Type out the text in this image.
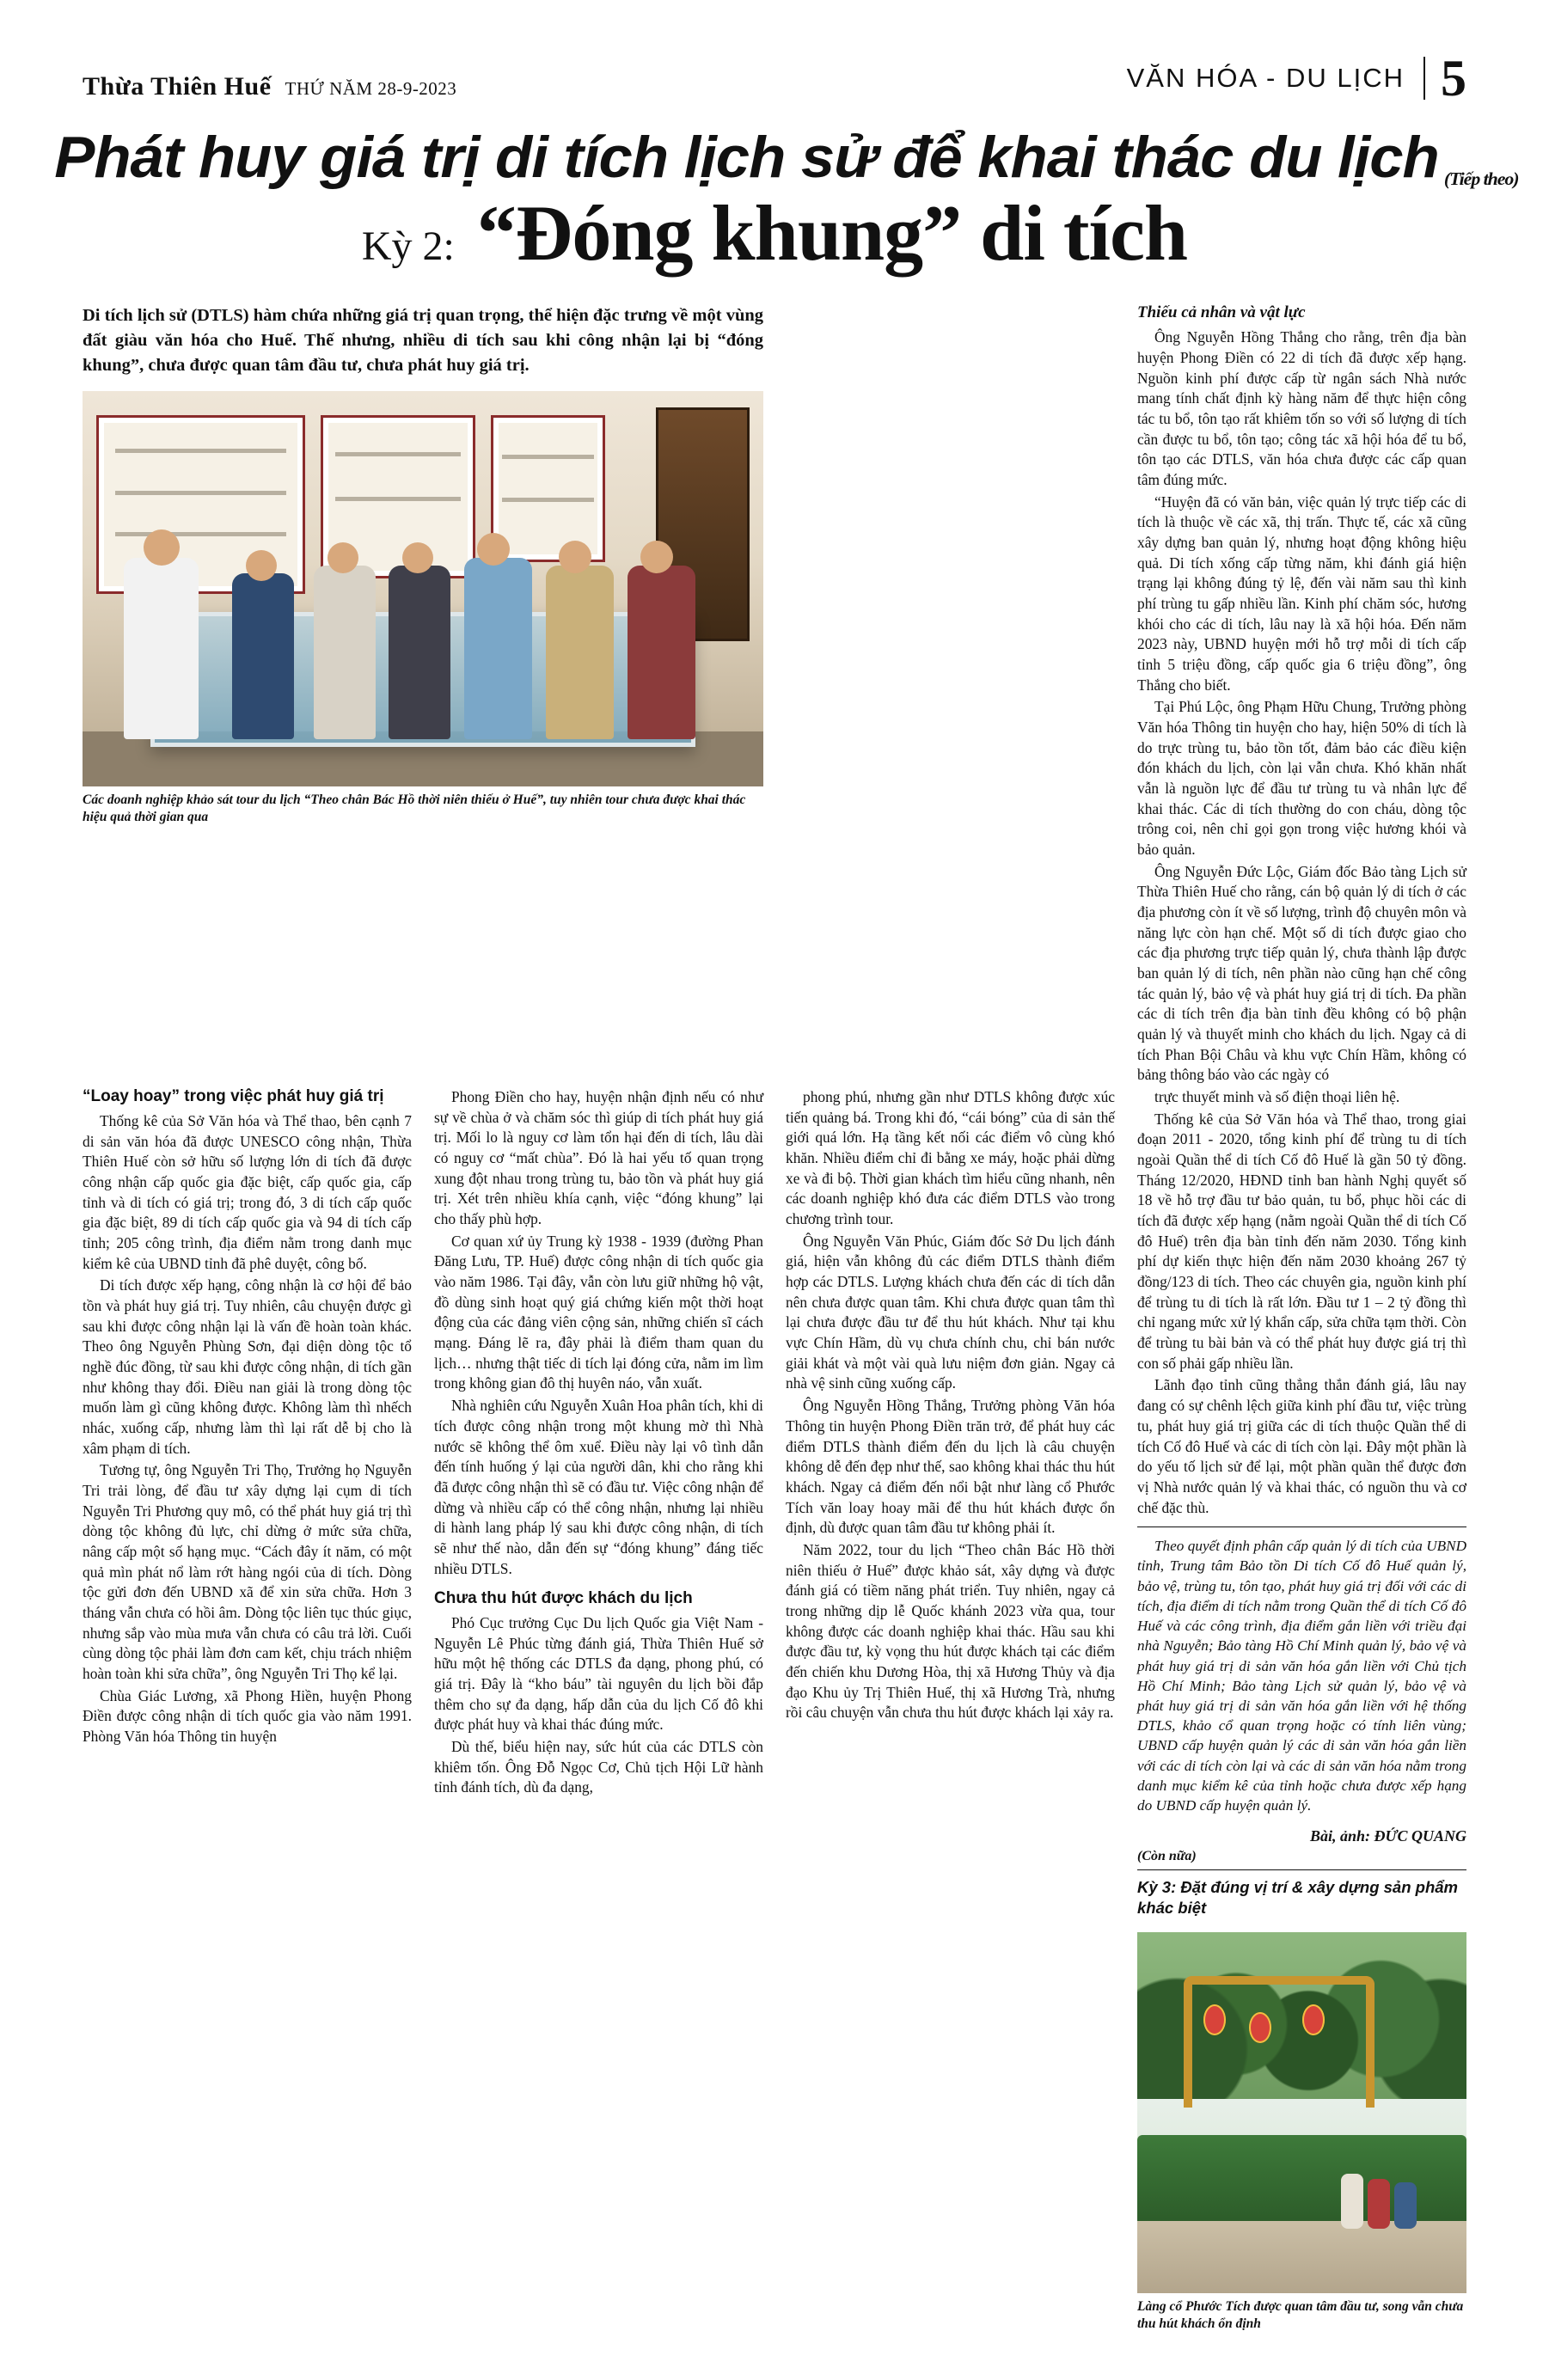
Thừa Thiên Huế THỨ NĂM 28-9-2023	VĂN HÓA - DU LỊCH 5
Phát huy giá trị di tích lịch sử để khai thác du lịch (Tiếp theo)
Kỳ 2: “Đóng khung” di tích

Di tích lịch sử (DTLS) hàm chứa những giá trị quan trọng, thể hiện đặc trưng về một vùng đất giàu văn hóa cho Huế. Thế nhưng, nhiều di tích sau khi công nhận lại bị “đóng khung”, chưa được quan tâm đầu tư, chưa phát huy giá trị.

Các doanh nghiệp khảo sát tour du lịch “Theo chân Bác Hồ thời niên thiếu ở Huế”, tuy nhiên tour chưa được khai thác hiệu quả thời gian qua
Thiếu cả nhân và vật lực

Ông Nguyễn Hồng Thắng cho rằng, trên địa bàn huyện Phong Điền có 22 di tích đã được xếp hạng. Nguồn kinh phí được cấp từ ngân sách Nhà nước mang tính chất định kỳ hàng năm để thực hiện công tác tu bổ, tôn tạo rất khiêm tốn so với số lượng di tích cần được tu bổ, tôn tạo; công tác xã hội hóa để tu bổ, tôn tạo các DTLS, văn hóa chưa được các cấp quan tâm đúng mức.

“Huyện đã có văn bản, việc quản lý trực tiếp các di tích là thuộc về các xã, thị trấn. Thực tế, các xã cũng xây dựng ban quản lý, nhưng hoạt động không hiệu quả. Di tích xống cấp từng năm, khi đánh giá hiện trạng lại không đúng tỷ lệ, đến vài năm sau thì kinh phí trùng tu gấp nhiều lần. Kinh phí chăm sóc, hương khói cho các di tích, lâu nay là xã hội hóa. Đến năm 2023 này, UBND huyện mới hỗ trợ mỗi di tích cấp tỉnh 5 triệu đồng, cấp quốc gia 6 triệu đồng”, ông Thắng cho biết.

Tại Phú Lộc, ông Phạm Hữu Chung, Trưởng phòng Văn hóa Thông tin huyện cho hay, hiện 50% di tích là do trực trùng tu, bảo tồn tốt, đảm bảo các điều kiện đón khách du lịch, còn lại vẫn chưa. Khó khăn nhất vẫn là nguồn lực để đầu tư trùng tu và nhân lực để khai thác. Các di tích thường do con cháu, dòng tộc trông coi, nên chỉ gọi gọn trong việc hương khói và bảo quản.

Ông Nguyễn Đức Lộc, Giám đốc Bảo tàng Lịch sử Thừa Thiên Huế cho rằng, cán bộ quản lý di tích ở các địa phương còn ít về số lượng, trình độ chuyên môn và năng lực còn hạn chế. Một số di tích được giao cho các địa phương trực tiếp quản lý, chưa thành lập được ban quản lý di tích, nên phần nào cũng hạn chế công tác quản lý, bảo vệ và phát huy giá trị di tích. Đa phần các di tích trên địa bàn tỉnh đều không có bộ phận quản lý và thuyết minh cho khách du lịch. Ngay cả di tích Phan Bội Châu và khu vực Chín Hầm, không có bảng thông báo vào các ngày có

“Loay hoay” trong việc phát huy giá trị

Thống kê của Sở Văn hóa và Thể thao, bên cạnh 7 di sản văn hóa đã được UNESCO công nhận, Thừa Thiên Huế còn sở hữu số lượng lớn di tích đã được công nhận cấp quốc gia đặc biệt, cấp quốc gia, cấp tỉnh và di tích có giá trị; trong đó, 3 di tích cấp quốc gia đặc biệt, 89 di tích cấp quốc gia và 94 di tích cấp tỉnh; 205 công trình, địa điểm nằm trong danh mục kiểm kê của UBND tỉnh đã phê duyệt, công bố.

Di tích được xếp hạng, công nhận là cơ hội để bảo tồn và phát huy giá trị. Tuy nhiên, câu chuyện được gì sau khi được công nhận lại là vấn đề hoàn toàn khác. Theo ông Nguyễn Phùng Sơn, đại diện dòng tộc tổ nghề đúc đồng, từ sau khi được công nhận, di tích gần như không thay đổi. Điều nan giải là trong dòng tộc muốn làm gì cũng không được. Không làm thì nhếch nhác, xuống cấp, nhưng làm thì lại rất dễ bị cho là xâm phạm di tích.

Tương tự, ông Nguyễn Tri Thọ, Trưởng họ Nguyễn Tri trải lòng, để đầu tư xây dựng lại cụm di tích Nguyễn Tri Phương quy mô, có thể phát huy giá trị thì dòng tộc không đủ lực, chỉ dừng ở mức sửa chữa, nâng cấp một số hạng mục. “Cách đây ít năm, có một quả mìn phát nổ làm rớt hàng ngói của di tích. Dòng tộc gửi đơn đến UBND xã để xin sửa chữa. Hơn 3 tháng vẫn chưa có hồi âm. Dòng tộc liên tục thúc giục, nhưng sắp vào mùa mưa vẫn chưa có câu trả lời. Cuối cùng dòng tộc phải làm đơn cam kết, chịu trách nhiệm hoàn toàn khi sửa chữa”, ông Nguyễn Tri Thọ kể lại.

Chùa Giác Lương, xã Phong Hiền, huyện Phong Điền được công nhận di tích quốc gia vào năm 1991. Phòng Văn hóa Thông tin huyện

Phong Điền cho hay, huyện nhận định nếu có như sự về chùa ở và chăm sóc thì giúp di tích phát huy giá trị. Mối lo là nguy cơ làm tổn hại đến di tích, lâu dài có nguy cơ “mất chùa”. Đó là hai yếu tố quan trọng xung đột nhau trong trùng tu, bảo tồn và phát huy giá trị. Xét trên nhiều khía cạnh, việc “đóng khung” lại cho thấy phù hợp.

Cơ quan xứ ủy Trung kỳ 1938 - 1939 (đường Phan Đăng Lưu, TP. Huế) được công nhận di tích quốc gia vào năm 1986. Tại đây, vẫn còn lưu giữ những hộ vật, đồ dùng sinh hoạt quý giá chứng kiến một thời hoạt động của các đảng viên cộng sản, những chiến sĩ cách mạng. Đáng lẽ ra, đây phải là điểm tham quan du lịch… nhưng thật tiếc di tích lại đóng cửa, nằm im lìm trong không gian đô thị huyên náo, vẫn xuất.

Nhà nghiên cứu Nguyễn Xuân Hoa phân tích, khi di tích được công nhận trong một khung mờ thì Nhà nước sẽ không thể ôm xuể. Điều này lại vô tình dẫn đến tính huống ý lại của người dân, khi cho rằng khi đã được công nhận thì sẽ có đầu tư. Việc công nhận để dừng và nhiều cấp có thể công nhận, nhưng lại nhiều di hành lang pháp lý sau khi được công nhận, di tích sẽ như thế nào, dẫn đến sự “đóng khung” đáng tiếc nhiều DTLS.

Chưa thu hút được khách du lịch

Phó Cục trưởng Cục Du lịch Quốc gia Việt Nam - Nguyễn Lê Phúc từng đánh giá, Thừa Thiên Huế sở hữu một hệ thống các DTLS đa dạng, phong phú, có giá trị. Đây là “kho báu” tài nguyên du lịch bồi đắp thêm cho sự đa dạng, hấp dẫn của du lịch Cố đô khi được phát huy và khai thác đúng mức.

Dù thế, biểu hiện nay, sức hút của các DTLS còn khiêm tốn. Ông Đỗ Ngọc Cơ, Chủ tịch Hội Lữ hành tỉnh đánh tích, dù đa dạng,

phong phú, nhưng gần như DTLS không được xúc tiến quảng bá. Trong khi đó, “cái bóng” của di sản thế giới quá lớn. Hạ tầng kết nối các điểm vô cùng khó khăn. Nhiều điểm chỉ đi bằng xe máy, hoặc phải dừng xe và đi bộ. Thời gian khách tìm hiểu cũng nhanh, nên các doanh nghiệp khó đưa các điểm DTLS vào trong chương trình tour.

Ông Nguyễn Văn Phúc, Giám đốc Sở Du lịch đánh giá, hiện vẫn không đủ các điểm DTLS thành điểm hợp các DTLS. Lượng khách chưa đến các di tích dẫn nên chưa được quan tâm. Khi chưa được quan tâm thì lại chưa được đầu tư để thu hút khách. Như tại khu vực Chín Hầm, dù vụ chưa chính chu, chỉ bán nước giải khát và một vài quà lưu niệm đơn giản. Ngay cả nhà vệ sinh cũng xuống cấp.

Ông Nguyễn Hồng Thắng, Trưởng phòng Văn hóa Thông tin huyện Phong Điền trăn trở, để phát huy các điểm DTLS thành điểm đến du lịch là câu chuyện không dễ đến đẹp như thế, sao không khai thác thu hút khách. Ngay cả điểm đến nổi bật như làng cổ Phước Tích văn loay hoay mãi để thu hút khách được ổn định, dù được quan tâm đầu tư không phải ít.

Năm 2022, tour du lịch “Theo chân Bác Hồ thời niên thiếu ở Huế” được khảo sát, xây dựng và được đánh giá có tiềm năng phát triển. Tuy nhiên, ngay cả trong những dịp lễ Quốc khánh 2023 vừa qua, tour không được các doanh nghiệp khai thác. Hầu sau khi được đầu tư, kỳ vọng thu hút được khách tại các điểm đến chiến khu Dương Hòa, thị xã Hương Thủy và địa đạo Khu ủy Trị Thiên Huế, thị xã Hương Trà, nhưng rồi câu chuyện vẫn chưa thu hút được khách lại xảy ra.

trực thuyết minh và số điện thoại liên hệ.

Thống kê của Sở Văn hóa và Thể thao, trong giai đoạn 2011 - 2020, tổng kinh phí để trùng tu di tích ngoài Quần thể di tích Cố đô Huế là gần 50 tỷ đồng. Tháng 12/2020, HĐND tỉnh ban hành Nghị quyết số 18 về hỗ trợ đầu tư bảo quản, tu bổ, phục hồi các di tích đã được xếp hạng (nằm ngoài Quần thể di tích Cố đô Huế) trên địa bàn tỉnh đến năm 2030. Tổng kinh phí dự kiến thực hiện đến năm 2030 khoảng 267 tỷ đồng/123 di tích. Theo các chuyên gia, nguồn kinh phí để trùng tu di tích là rất lớn. Đầu tư 1 – 2 tỷ đồng thì chỉ ngang mức xử lý khẩn cấp, sửa chữa tạm thời. Còn để trùng tu bài bản và có thể phát huy được giá trị thì con số phải gấp nhiều lần.

Lãnh đạo tỉnh cũng thẳng thắn đánh giá, lâu nay đang có sự chênh lệch giữa kinh phí đầu tư, việc trùng tu, phát huy giá trị giữa các di tích thuộc Quần thể di tích Cố đô Huế và các di tích còn lại. Đây một phần là do yếu tố lịch sử để lại, một phần quần thể được đơn vị Nhà nước quản lý và khai thác, có nguồn thu và cơ chế đặc thù.

Theo quyết định phân cấp quản lý di tích của UBND tỉnh, Trung tâm Bảo tồn Di tích Cố đô Huế quản lý, bảo vệ, trùng tu, tôn tạo, phát huy giá trị đối với các di tích, địa điểm di tích nằm trong Quần thể di tích Cố đô Huế và các công trình, địa điểm gắn liền với triều đại nhà Nguyễn; Bảo tàng Hồ Chí Minh quản lý, bảo vệ và phát huy giá trị di sản văn hóa gắn liền với Chủ tịch Hồ Chí Minh; Bảo tàng Lịch sử quản lý, bảo vệ và phát huy giá trị di sản văn hóa gắn liền với hệ thống DTLS, khảo cổ quan trọng hoặc có tính liên vùng; UBND cấp huyện quản lý các di sản văn hóa gắn liền với các di tích còn lại và các di sản văn hóa nằm trong danh mục kiểm kê của tỉnh hoặc chưa được xếp hạng do UBND cấp huyện quản lý.

Bài, ảnh: ĐỨC QUANG
(Còn nữa)
Kỳ 3: Đặt đúng vị trí & xây dựng sản phẩm khác biệt
Làng cổ Phước Tích được quan tâm đầu tư, song vẫn chưa thu hút khách ổn định
